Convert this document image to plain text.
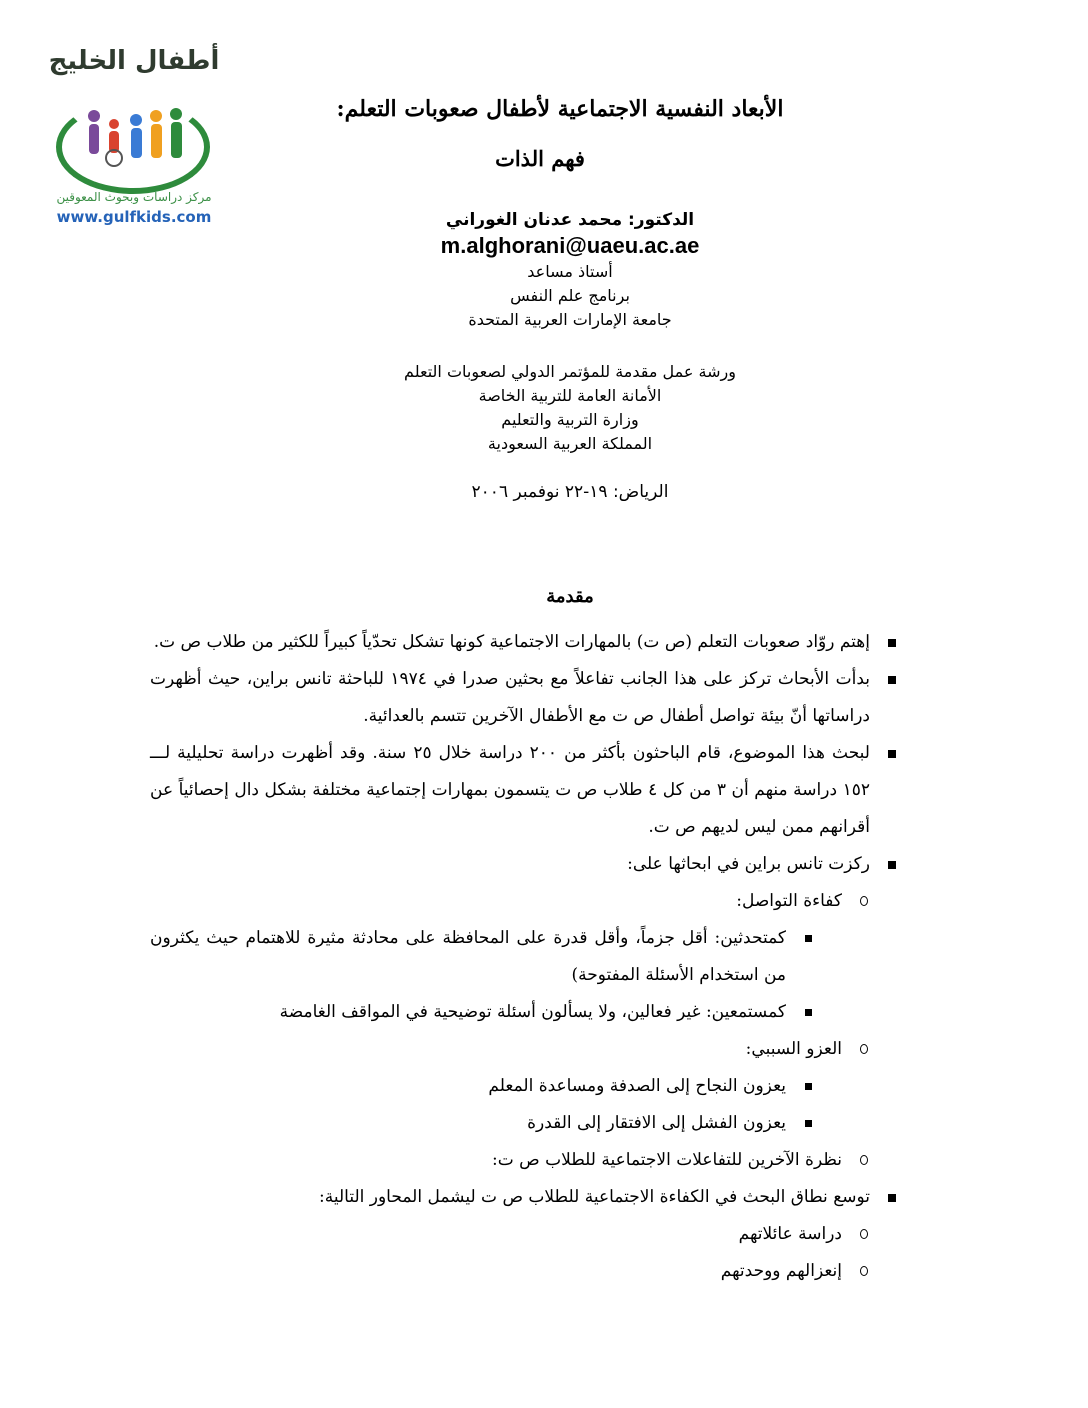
أطفال الخليج
مركز دراسات وبحوث المعوقين
www.gulfkids.com
الأبعاد النفسية الاجتماعية لأطفال صعوبات التعلم:
فهم الذات
الدكتور: محمد عدنان الغوراني
m.alghorani@uaeu.ac.ae
أستاذ مساعد
برنامج علم النفس
جامعة الإمارات العربية المتحدة
ورشة عمل مقدمة للمؤتمر الدولي لصعوبات التعلم
الأمانة العامة للتربية الخاصة
وزارة التربية والتعليم
المملكة العربية السعودية
الرياض: ١٩-٢٢ نوفمبر ٢٠٠٦
مقدمة
إهتم روّاد صعوبات التعلم (ص ت) بالمهارات الاجتماعية كونها تشكل تحدّياً كبيراً للكثير من طلاب ص ت.
بدأت الأبحاث تركز على هذا الجانب تفاعلاً مع بحثين صدرا في ١٩٧٤ للباحثة تانس براين، حيث أظهرت دراساتها أنّ بيئة تواصل أطفال ص ت مع الأطفال الآخرين تتسم بالعدائية.
لبحث هذا الموضوع، قام الباحثون بأكثر من ٢٠٠ دراسة خلال ٢٥ سنة. وقد أظهرت دراسة تحليلية لـــ ١٥٢ دراسة منهم أن ٣ من كل ٤ طلاب ص ت يتسمون بمهارات إجتماعية مختلفة بشكل دال إحصائياً عن أقرانهم ممن ليس لديهم ص ت.
ركزت تانس براين في ابحاثها على:
كفاءة التواصل:
كمتحدثين: أقل جزماً، وأقل قدرة على المحافظة على محادثة مثيرة للاهتمام حيث يكثرون من استخدام الأسئلة المفتوحة)
كمستمعين: غير فعالين، ولا يسألون أسئلة توضيحية في المواقف الغامضة
العزو السببي:
يعزون النجاح إلى الصدفة ومساعدة المعلم
يعزون الفشل إلى الافتقار إلى القدرة
نظرة الآخرين للتفاعلات الاجتماعية للطلاب ص ت:
توسع نطاق البحث في الكفاءة الاجتماعية للطلاب ص ت ليشمل المحاور التالية:
دراسة عائلاتهم
إنعزالهم ووحدتهم
